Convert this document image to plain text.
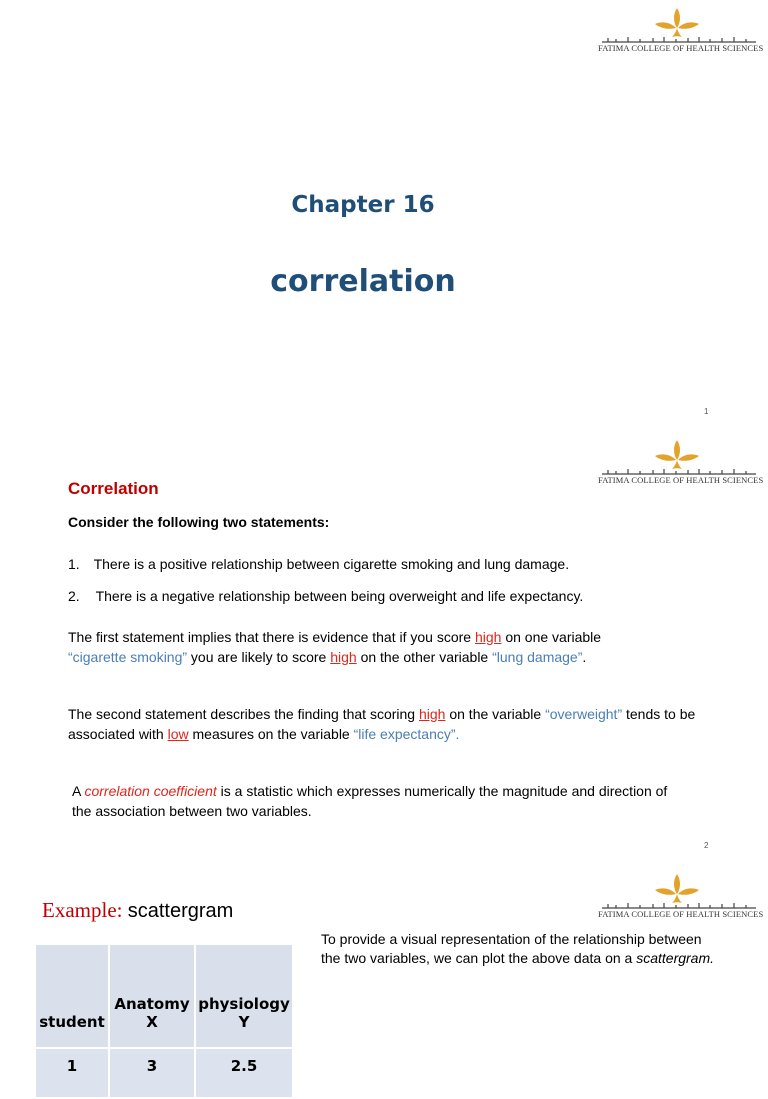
FATIMA COLLEGE OF HEALTH SCIENCES
Chapter 16
correlation
1
FATIMA COLLEGE OF HEALTH SCIENCES
Correlation
Consider the following two statements:
1. There is a positive relationship between cigarette smoking and lung damage.
2. There is a negative relationship between being overweight and life expectancy.
The first statement implies that there is evidence that if you score high on one variable “cigarette smoking” you are likely to score high on the other variable “lung damage”.
The second statement describes the finding that scoring high on the variable “overweight” tends to be associated with low measures on the variable “life expectancy”.
A correlation coefficient is a statistic which expresses numerically the magnitude and direction of the association between two variables.
2
FATIMA COLLEGE OF HEALTH SCIENCES
Example: scattergram
To provide a visual representation of the relationship between the two variables, we can plot the above data on a scattergram.
student	Anatomy X	physiology Y
1	3	2.5
